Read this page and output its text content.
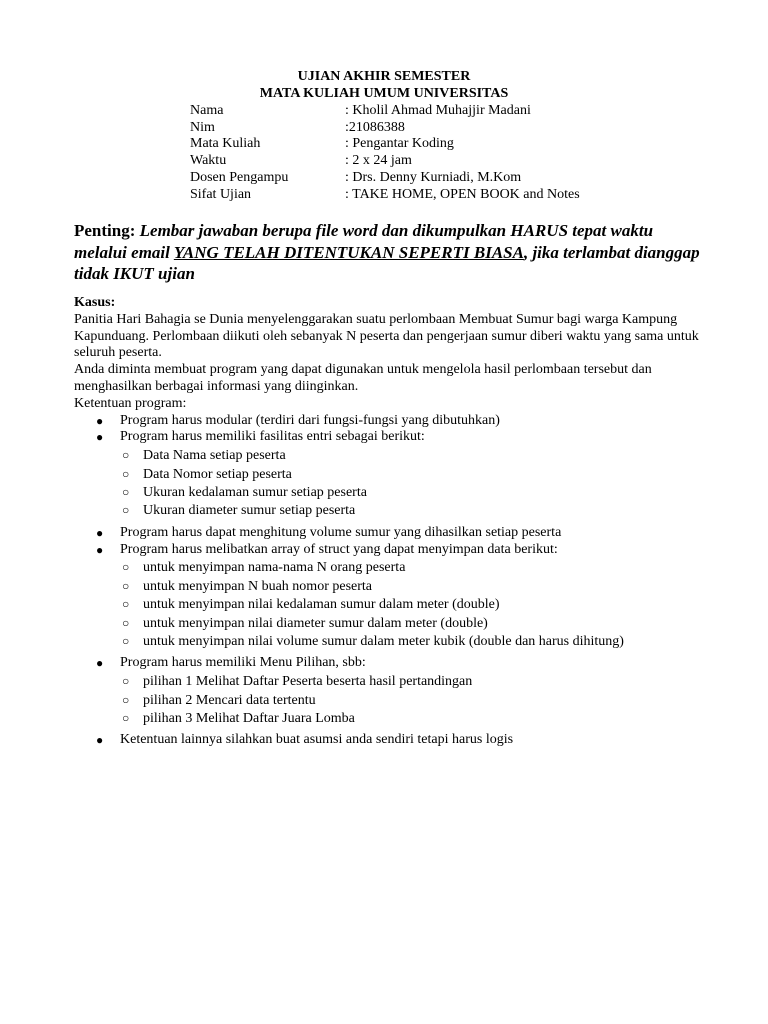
UJIAN AKHIR SEMESTER
MATA KULIAH UMUM UNIVERSITAS
Nama	: Kholil Ahmad Muhajjir Madani
Nim	:21086388
Mata Kuliah	: Pengantar Koding
Waktu	: 2 x 24 jam
Dosen Pengampu	: Drs. Denny Kurniadi, M.Kom
Sifat Ujian	: TAKE HOME, OPEN BOOK and Notes
Penting: Lembar jawaban berupa file word dan dikumpulkan HARUS tepat waktu melalui email YANG TELAH DITENTUKAN SEPERTI BIASA, jika terlambat dianggap tidak IKUT ujian

Kasus:

Panitia Hari Bahagia se Dunia menyelenggarakan suatu perlombaan Membuat Sumur bagi warga Kampung Kapunduang. Perlombaan diikuti oleh sebanyak N peserta dan pengerjaan sumur diberi waktu yang sama untuk seluruh peserta.

Anda diminta membuat program yang dapat digunakan untuk mengelola hasil perlombaan tersebut dan menghasilkan berbagai informasi yang diinginkan.

Ketentuan program:

● Program harus modular (terdiri dari fungsi-fungsi yang dibutuhkan)
● Program harus memiliki fasilitas entri sebagai berikut:
○ Data Nama setiap peserta
○ Data Nomor setiap peserta
○ Ukuran kedalaman sumur setiap peserta
○ Ukuran diameter sumur setiap peserta
● Program harus dapat menghitung volume sumur yang dihasilkan setiap peserta
● Program harus melibatkan array of struct yang dapat menyimpan data berikut:
○ untuk menyimpan nama-nama N orang peserta
○ untuk menyimpan N buah nomor peserta
○ untuk menyimpan nilai kedalaman sumur dalam meter (double)
○ untuk menyimpan nilai diameter sumur dalam meter (double)
○ untuk menyimpan nilai volume sumur dalam meter kubik (double dan harus dihitung)
● Program harus memiliki Menu Pilihan, sbb:
○ pilihan 1 Melihat Daftar Peserta beserta hasil pertandingan
○ pilihan 2 Mencari data tertentu
○ pilihan 3 Melihat Daftar Juara Lomba
● Ketentuan lainnya silahkan buat asumsi anda sendiri tetapi harus logis
